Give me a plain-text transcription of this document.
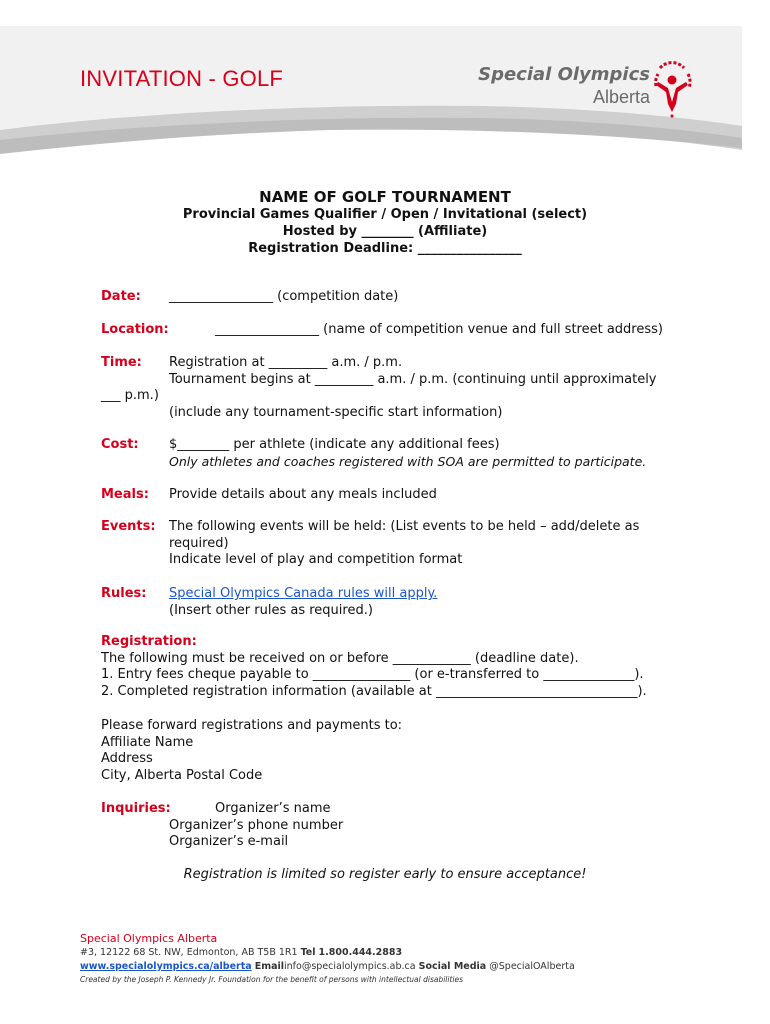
INVITATION - GOLF	Special Olympics
Alberta
NAME OF GOLF TOURNAMENT
Provincial Games Qualifier / Open / Invitational (select)
Hosted by ________ (Affiliate)
Registration Deadline: ________________
Date: ________________ (competition date)
Location:	________________ (name of competition venue and full street address)
Time: Registration at _________ a.m. / p.m.
Tournament begins at _________ a.m. / p.m. (continuing until approximately
___ p.m.)
(include any tournament-specific start information)
Cost: $________ per athlete (indicate any additional fees)
Only athletes and coaches registered with SOA are permitted to participate.
Meals: Provide details about any meals included
Events: The following events will be held: (List events to be held – add/delete as
required)
Indicate level of play and competition format
Rules: Special Olympics Canada rules will apply.
(Insert other rules as required.)
Registration:
The following must be received on or before ____________ (deadline date).
1. Entry fees cheque payable to _______________ (or e-transferred to ______________).
2. Completed registration information (available at _______________________________).
Please forward registrations and payments to:
Affiliate Name
Address
City, Alberta Postal Code
Inquiries:	Organizer’s name
Organizer’s phone number
Organizer’s e-mail
Registration is limited so register early to ensure acceptance!
Special Olympics Alberta
#3, 12122 68 St. NW, Edmonton, AB T5B 1R1 Tel 1.800.444.2883
www.specialolympics.ca/alberta Emailinfo@specialolympics.ab.ca Social Media @SpecialOAlberta
Created by the Joseph P. Kennedy Jr. Foundation for the benefit of persons with intellectual disabilities
